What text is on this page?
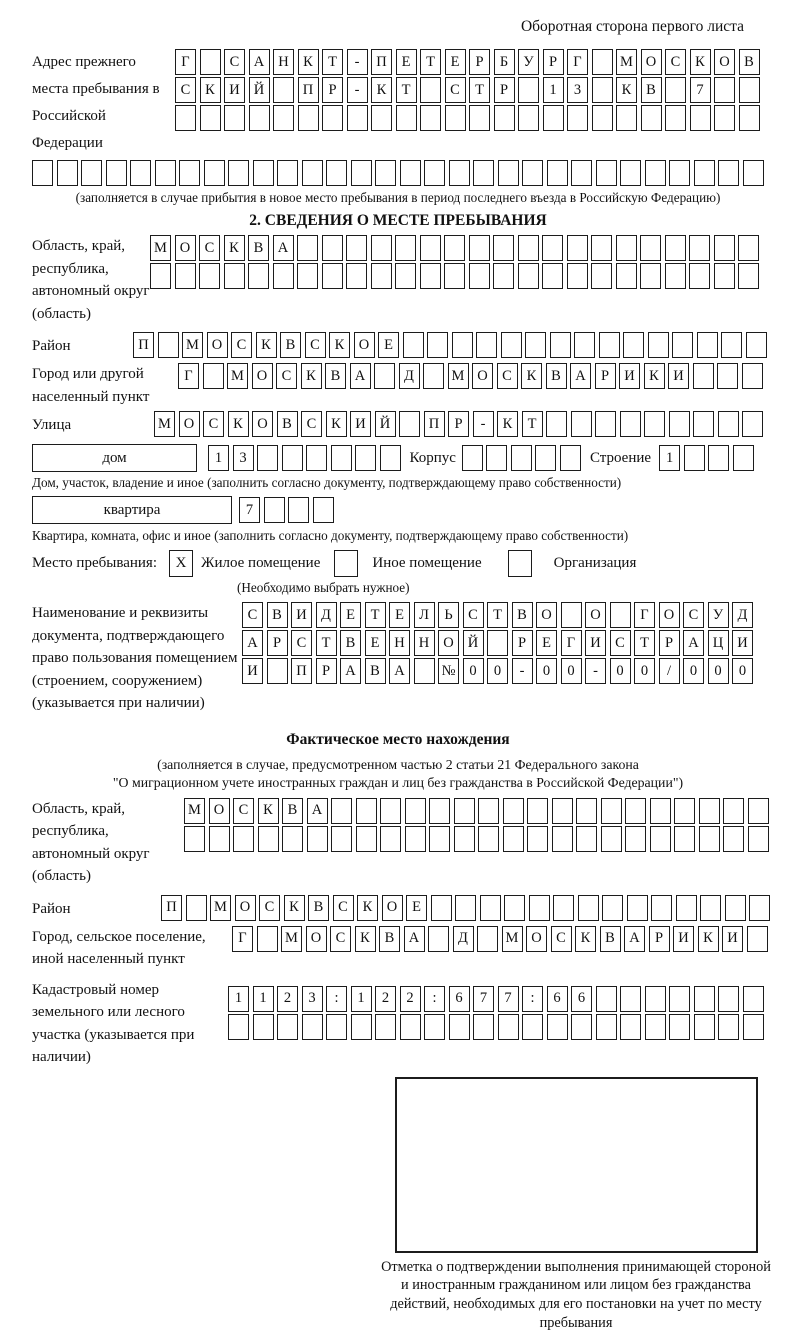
Оборотная сторона первого листа
Адрес прежнего места пребывания в Российской Федерации
Г	С А Н К	Т	-	П	Е	Т	Е	Р	Б	У	Р	Г	М О С	К О В
С	К И Й	П	Р	-	К	Т	С	Т	Р	1	3	К	В	7
(заполняется в случае прибытия в новое место пребывания в период последнего въезда в Российскую Федерацию)
2. СВЕДЕНИЯ О МЕСТЕ ПРЕБЫВАНИЯ
Область, край, республика, автономный округ (область)
М О С	К	В А
Район	П	М О С	К	В	С	К О	Е
Город или другой населенный пункт
Г	М О С	К	В А	Д	М О С	К	В А	Р	И К И
Улица	М О С	К О В	С	К И Й	П	Р	-	К	Т
дом	1	3	Корпус	Строение	1
Дом, участок, владение и иное (заполнить согласно документу, подтверждающему право собственности)
квартира	7
Квартира, комната, офис и иное (заполнить согласно документу, подтверждающему право собственности)
Место пребывания:	X Жилое помещение	Иное помещение	Организация
(Необходимо выбрать нужное)
Наименование и реквизиты документа, подтверждающего право пользования помещением (строением, сооружением) (указывается при наличии)
С	В И Д	Е	Т	Е	Л	Ь	С	Т	В О	О	Г	О С	У Д
А	Р	С	Т	В	Е	Н Н О Й	Р	Е	Г	И С	Т	Р	А Ц И
И	П	Р	А В А	№ 0	0	-	0	0	-	0	0	/	0	0	0
Фактическое место нахождения
(заполняется в случае, предусмотренном частью 2 статьи 21 Федерального закона
"О миграционном учете иностранных граждан и лиц без гражданства в Российской Федерации")
Область, край, республика, автономный округ (область)
М О С	К	В А
Район	П	М О С	К	В	С	К О	Е
Город, сельское поселение, иной населенный пункт
Г	М О С	К	В А	Д	М О С	К	В А	Р	И К И
Кадастровый номер земельного или лесного участка (указывается при наличии)
1	1	2	3	:	1	2	2	:	6	7	7	:	6	6
Отметка о подтверждении выполнения принимающей стороной и иностранным гражданином или лицом без гражданства действий, необходимых для его постановки на учет по месту пребывания
